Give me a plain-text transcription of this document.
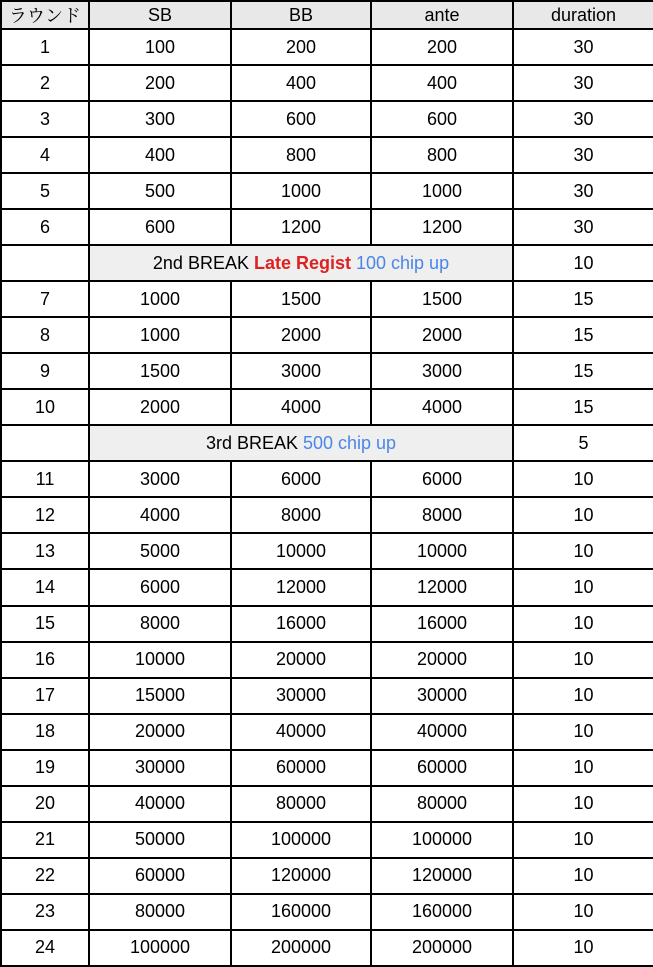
ラウンド	SB	BB	ante	duration
1	100	200	200	30
2	200	400	400	30
3	300	600	600	30
4	400	800	800	30
5	500	1000	1000	30
6	600	1200	1200	30
	2nd BREAK Late Regist 100 chip up			10
7	1000	1500	1500	15
8	1000	2000	2000	15
9	1500	3000	3000	15
10	2000	4000	4000	15
	3rd BREAK 500 chip up			5
11	3000	6000	6000	10
12	4000	8000	8000	10
13	5000	10000	10000	10
14	6000	12000	12000	10
15	8000	16000	16000	10
16	10000	20000	20000	10
17	15000	30000	30000	10
18	20000	40000	40000	10
19	30000	60000	60000	10
20	40000	80000	80000	10
21	50000	100000	100000	10
22	60000	120000	120000	10
23	80000	160000	160000	10
24	100000	200000	200000	10
